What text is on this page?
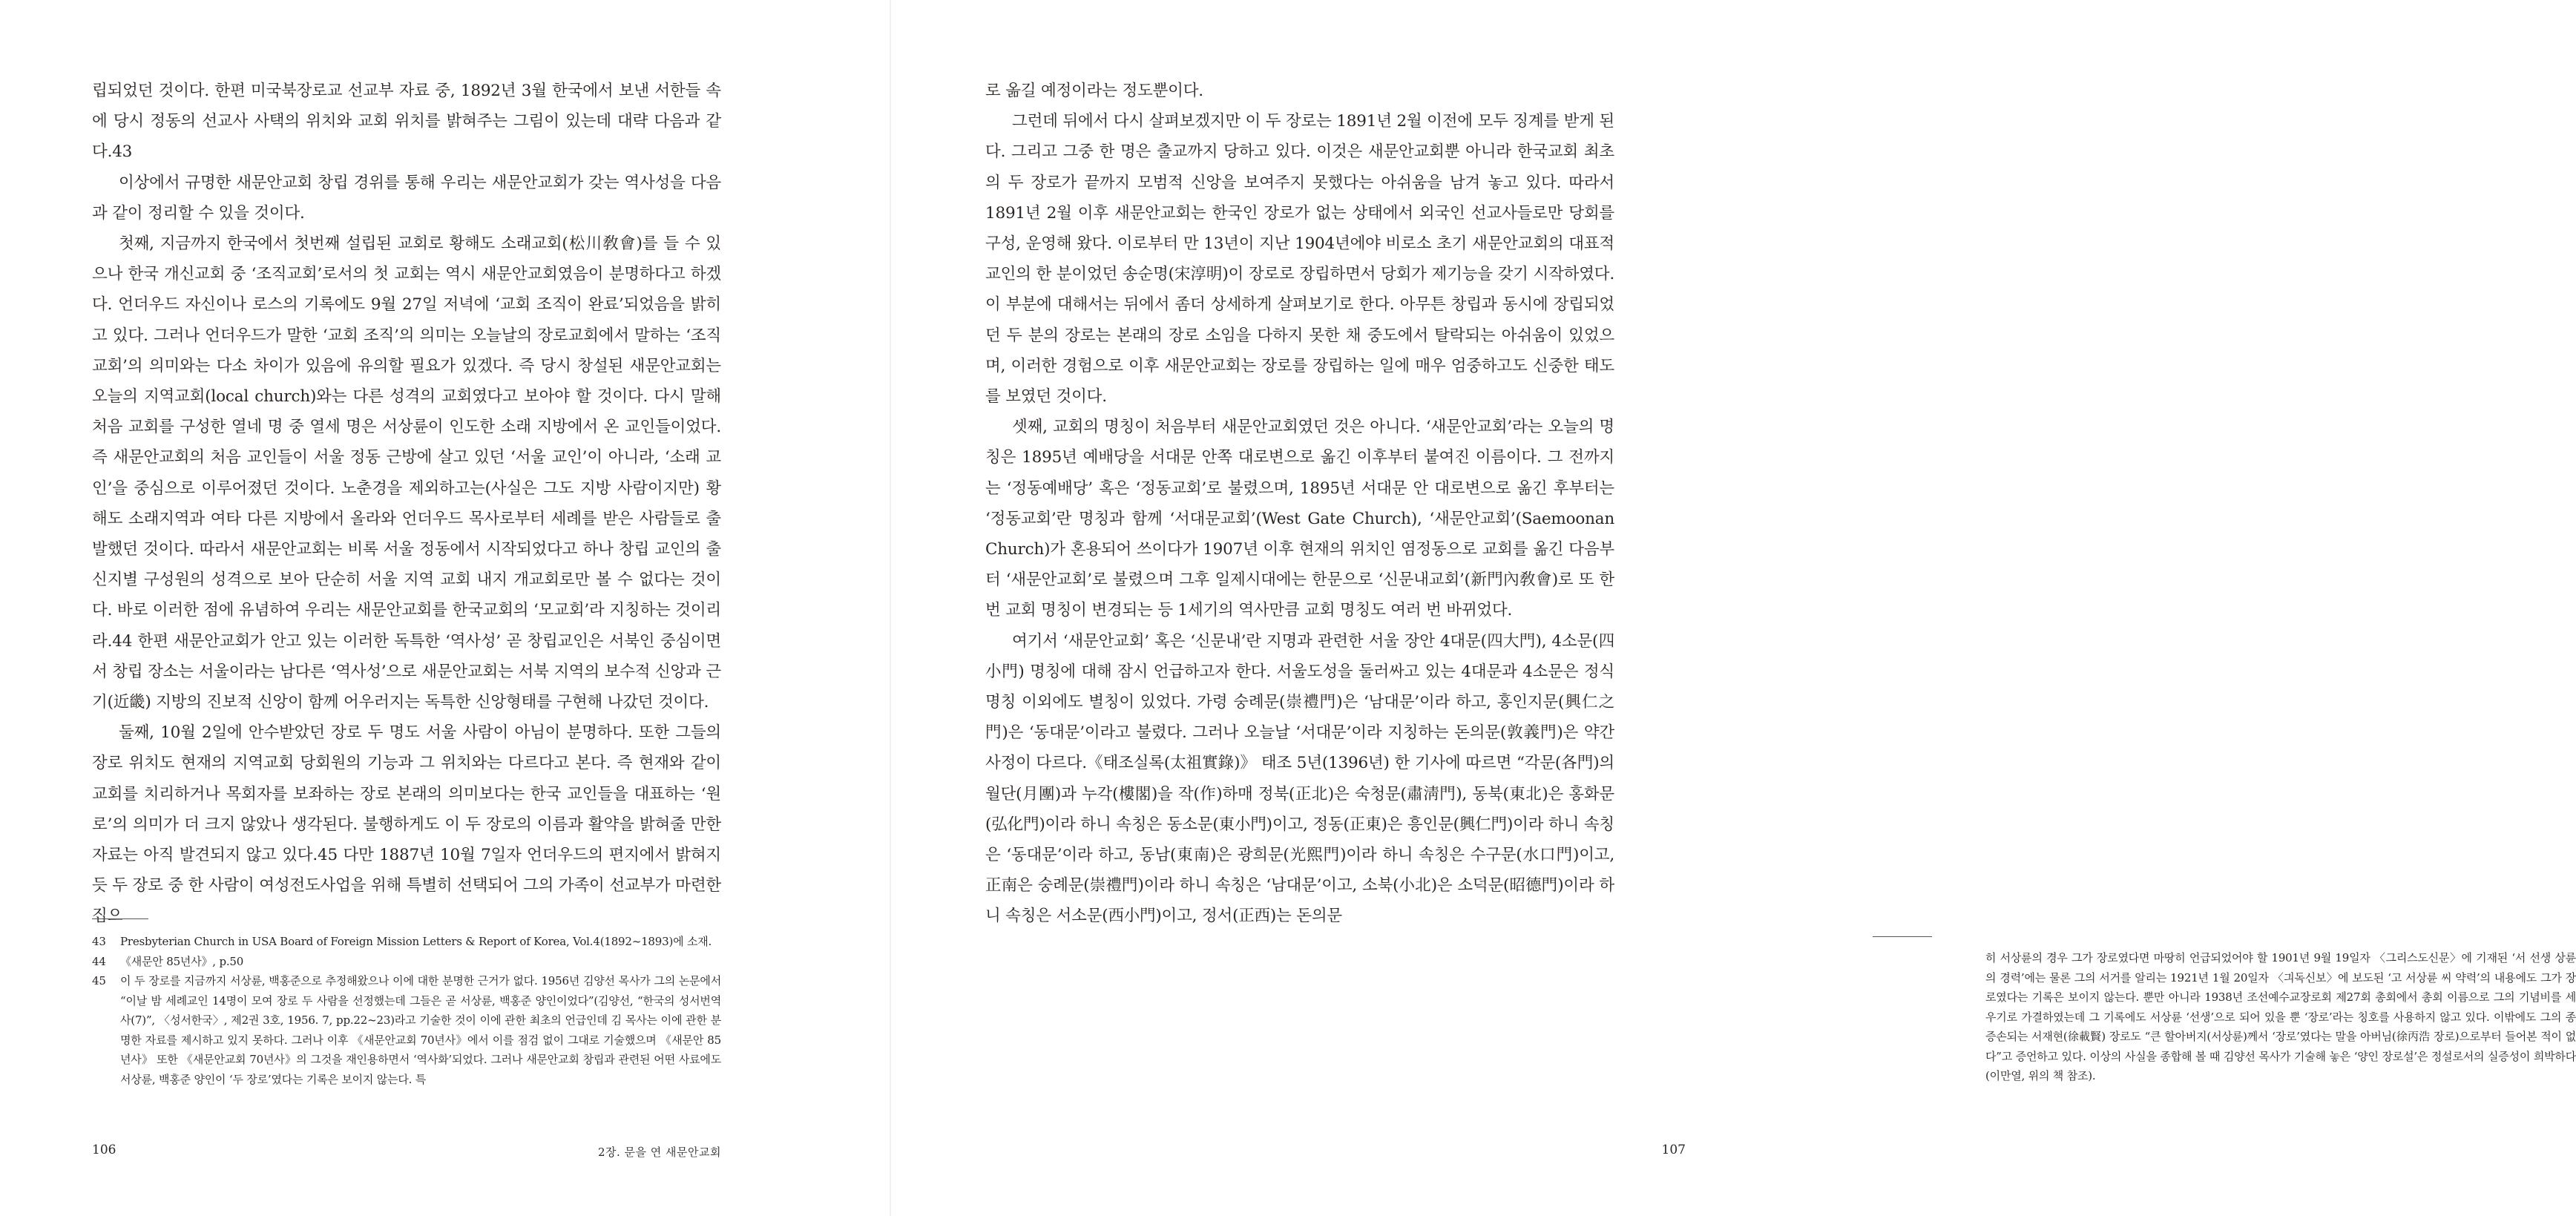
립되었던 것이다. 한편 미국북장로교 선교부 자료 중, 1892년 3월 한국에서 보낸 서한들 속에 당시 정동의 선교사 사택의 위치와 교회 위치를 밝혀주는 그림이 있는데 대략 다음과 같다.43

이상에서 규명한 새문안교회 창립 경위를 통해 우리는 새문안교회가 갖는 역사성을 다음과 같이 정리할 수 있을 것이다.

첫째, 지금까지 한국에서 첫번째 설립된 교회로 황해도 소래교회(松川敎會)를 들 수 있으나 한국 개신교회 중 ‘조직교회’로서의 첫 교회는 역시 새문안교회였음이 분명하다고 하겠다. 언더우드 자신이나 로스의 기록에도 9월 27일 저녁에 ‘교회 조직이 완료’되었음을 밝히고 있다. 그러나 언더우드가 말한 ‘교회 조직’의 의미는 오늘날의 장로교회에서 말하는 ‘조직 교회’의 의미와는 다소 차이가 있음에 유의할 필요가 있겠다. 즉 당시 창설된 새문안교회는 오늘의 지역교회(local church)와는 다른 성격의 교회였다고 보아야 할 것이다. 다시 말해 처음 교회를 구성한 열네 명 중 열세 명은 서상륜이 인도한 소래 지방에서 온 교인들이었다. 즉 새문안교회의 처음 교인들이 서울 정동 근방에 살고 있던 ‘서울 교인’이 아니라, ‘소래 교인’을 중심으로 이루어졌던 것이다. 노춘경을 제외하고는(사실은 그도 지방 사람이지만) 황해도 소래지역과 여타 다른 지방에서 올라와 언더우드 목사로부터 세례를 받은 사람들로 출발했던 것이다. 따라서 새문안교회는 비록 서울 정동에서 시작되었다고 하나 창립 교인의 출신지별 구성원의 성격으로 보아 단순히 서울 지역 교회 내지 개교회로만 볼 수 없다는 것이다. 바로 이러한 점에 유념하여 우리는 새문안교회를 한국교회의 ‘모교회’라 지칭하는 것이리라.44 한편 새문안교회가 안고 있는 이러한 독특한 ‘역사성’ 곧 창립교인은 서북인 중심이면서 창립 장소는 서울이라는 남다른 ‘역사성’으로 새문안교회는 서북 지역의 보수적 신앙과 근기(近畿) 지방의 진보적 신앙이 함께 어우러지는 독특한 신앙형태를 구현해 나갔던 것이다.

둘째, 10월 2일에 안수받았던 장로 두 명도 서울 사람이 아님이 분명하다. 또한 그들의 장로 위치도 현재의 지역교회 당회원의 기능과 그 위치와는 다르다고 본다. 즉 현재와 같이 교회를 치리하거나 목회자를 보좌하는 장로 본래의 의미보다는 한국 교인들을 대표하는 ‘원로’의 의미가 더 크지 않았나 생각된다. 불행하게도 이 두 장로의 이름과 활약을 밝혀줄 만한 자료는 아직 발견되지 않고 있다.45 다만 1887년 10월 7일자 언더우드의 편지에서 밝혀지듯 두 장로 중 한 사람이 여성전도사업을 위해 특별히 선택되어 그의 가족이 선교부가 마련한 집으

43 Presbyterian Church in USA Board of Foreign Mission Letters & Report of Korea, Vol.4(1892~1893)에 소재.
44 《새문안 85년사》, p.50
45 이 두 장로를 지금까지 서상륜, 백홍준으로 추정해왔으나 이에 대한 분명한 근거가 없다. 1956년 김양선 목사가 그의 논문에서 “이날 밤 세례교인 14명이 모여 장로 두 사람을 선정했는데 그들은 곧 서상륜, 백홍준 양인이었다”(김양선, “한국의 성서번역사(7)”, 〈성서한국〉, 제2권 3호, 1956. 7, pp.22~23)라고 기술한 것이 이에 관한 최초의 언급인데 김 목사는 이에 관한 분명한 자료를 제시하고 있지 못하다. 그러나 이후 《새문안교회 70년사》에서 이를 점검 없이 그대로 기술했으며 《새문안 85년사》 또한 《새문안교회 70년사》의 그것을 재인용하면서 ‘역사화’되었다. 그러나 새문안교회 창립과 관련된 어떤 사료에도 서상륜, 백홍준 양인이 ‘두 장로’였다는 기록은 보이지 않는다. 특
106	2장. 문을 연 새문안교회

로 옮길 예정이라는 정도뿐이다.

그런데 뒤에서 다시 살펴보겠지만 이 두 장로는 1891년 2월 이전에 모두 징계를 받게 된다. 그리고 그중 한 명은 출교까지 당하고 있다. 이것은 새문안교회뿐 아니라 한국교회 최초의 두 장로가 끝까지 모범적 신앙을 보여주지 못했다는 아쉬움을 남겨 놓고 있다. 따라서 1891년 2월 이후 새문안교회는 한국인 장로가 없는 상태에서 외국인 선교사들로만 당회를 구성, 운영해 왔다. 이로부터 만 13년이 지난 1904년에야 비로소 초기 새문안교회의 대표적 교인의 한 분이었던 송순명(宋淳明)이 장로로 장립하면서 당회가 제기능을 갖기 시작하였다. 이 부분에 대해서는 뒤에서 좀더 상세하게 살펴보기로 한다. 아무튼 창립과 동시에 장립되었던 두 분의 장로는 본래의 장로 소임을 다하지 못한 채 중도에서 탈락되는 아쉬움이 있었으며, 이러한 경험으로 이후 새문안교회는 장로를 장립하는 일에 매우 엄중하고도 신중한 태도를 보였던 것이다.

셋째, 교회의 명칭이 처음부터 새문안교회였던 것은 아니다. ‘새문안교회’라는 오늘의 명칭은 1895년 예배당을 서대문 안쪽 대로변으로 옮긴 이후부터 붙여진 이름이다. 그 전까지는 ‘정동예배당’ 혹은 ‘정동교회’로 불렸으며, 1895년 서대문 안 대로변으로 옮긴 후부터는 ‘정동교회’란 명칭과 함께 ‘서대문교회’(West Gate Church), ‘새문안교회’(Saemoonan Church)가 혼용되어 쓰이다가 1907년 이후 현재의 위치인 염정동으로 교회를 옮긴 다음부터 ‘새문안교회’로 불렸으며 그후 일제시대에는 한문으로 ‘신문내교회’(新門內敎會)로 또 한 번 교회 명칭이 변경되는 등 1세기의 역사만큼 교회 명칭도 여러 번 바뀌었다.

여기서 ‘새문안교회’ 혹은 ‘신문내’란 지명과 관련한 서울 장안 4대문(四大門), 4소문(四小門) 명칭에 대해 잠시 언급하고자 한다. 서울도성을 둘러싸고 있는 4대문과 4소문은 정식 명칭 이외에도 별칭이 있었다. 가령 숭례문(崇禮門)은 ‘남대문’이라 하고, 홍인지문(興仁之門)은 ‘동대문’이라고 불렸다. 그러나 오늘날 ‘서대문’이라 지칭하는 돈의문(敦義門)은 약간 사정이 다르다.《태조실록(太祖實錄)》 태조 5년(1396년) 한 기사에 따르면 “각문(各門)의 월단(月團)과 누각(樓閣)을 작(作)하매 정북(正北)은 숙청문(肅淸門), 동북(東北)은 홍화문(弘化門)이라 하니 속칭은 동소문(東小門)이고, 정동(正東)은 흥인문(興仁門)이라 하니 속칭은 ‘동대문’이라 하고, 동남(東南)은 광희문(光熙門)이라 하니 속칭은 수구문(水口門)이고, 正南은 숭례문(崇禮門)이라 하니 속칭은 ‘남대문’이고, 소북(小北)은 소덕문(昭德門)이라 하니 속칭은 서소문(西小門)이고, 정서(正西)는 돈의문

히 서상륜의 경우 그가 장로였다면 마땅히 언급되었어야 할 1901년 9월 19일자 〈그리스도신문〉에 기재된 ‘서 선생 상륜의 경력’에는 물론 그의 서거를 알리는 1921년 1월 20일자 〈긔독신보〉에 보도된 ‘고 서상륜 씨 약력’의 내용에도 그가 장로였다는 기록은 보이지 않는다. 뿐만 아니라 1938년 조선예수교장로회 제27회 총회에서 총회 이름으로 그의 기념비를 세우기로 가결하였는데 그 기록에도 서상륜 ‘선생’으로 되어 있을 뿐 ‘장로’라는 칭호를 사용하지 않고 있다. 이밖에도 그의 종증손되는 서재현(徐載賢) 장로도 “큰 할아버지(서상륜)께서 ‘장로’였다는 말을 아버님(徐丙浩 장로)으로부터 들어본 적이 없다”고 증언하고 있다. 이상의 사실을 종합해 볼 때 김양선 목사가 기술해 놓은 ‘양인 장로설’은 정설로서의 실증성이 희박하다(이만열, 위의 책 참조).

107
